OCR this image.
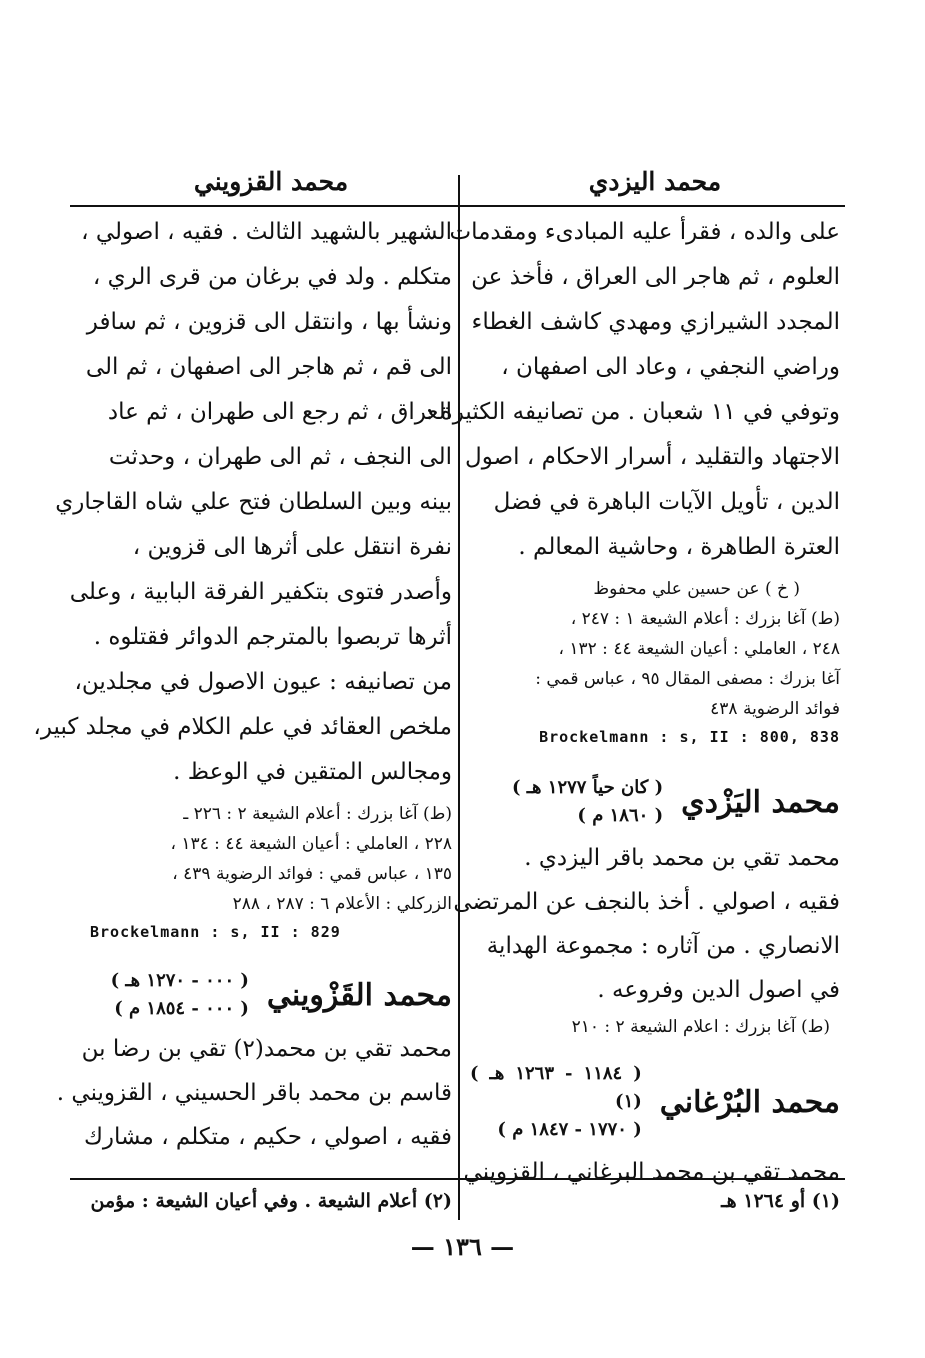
محمد اليزدي
على والده ، فقرأ عليه المبادىء ومقدمات
العلوم ، ثم هاجر الى العراق ، فأخذ عن
المجدد الشيرازي ومهدي كاشف الغطاء
وراضي النجفي ، وعاد الى اصفهان ،
وتوفي في ١١ شعبان . من تصانيفه الكثيرة :
الاجتهاد والتقليد ، أسرار الاحكام ، اصول
الدين ، تأويل الآيات الباهرة في فضل
العترة الطاهرة ، وحاشية المعالم .
( خ ) عن حسين علي محفوظ
(ط) آغا بزرك : أعلام الشيعة ١ : ٢٤٧ ،
٢٤٨ ، العاملي : أعيان الشيعة ٤٤ : ١٣٢ ،
آغا بزرك : مصفى المقال ٩٥ ، عباس قمي :
فوائد الرضوية ٤٣٨
Brockelmann : s, II : 800, 838
محمد اليَزْدي
( كان حياً ١٢٧٧ هـ )
( ١٨٦٠ م )
محمد تقي بن محمد باقر اليزدي .
فقيه ، اصولي . أخذ بالنجف عن المرتضى
الانصاري . من آثاره : مجموعة الهداية
في اصول الدين وفروعه .
(ط) آغا بزرك : اعلام الشيعة ٢ : ٢١٠
محمد البُرْغاني
( ١١٨٤ - ١٢٦٣ هـ )(١)
( ١٧٧٠ - ١٨٤٧ م )
محمد تقي بن محمد البرغاني ، القزويني
محمد القزويني
الشهير بالشهيد الثالث . فقيه ، اصولي ،
متكلم . ولد في برغان من قرى الري ،
ونشأ بها ، وانتقل الى قزوين ، ثم سافر
الى قم ، ثم هاجر الى اصفهان ، ثم الى
العراق ، ثم رجع الى طهران ، ثم عاد
الى النجف ، ثم الى طهران ، وحدثت
بينه وبين السلطان فتح علي شاه القاجاري
نفرة انتقل على أثرها الى قزوين ،
وأصدر فتوى بتكفير الفرقة البابية ، وعلى
أثرها تربصوا بالمترجم الدوائر فقتلوه .
من تصانيفه : عيون الاصول في مجلدين،
ملخص العقائد في علم الكلام في مجلد كبير،
ومجالس المتقين في الوعظ .
(ط) آغا بزرك : أعلام الشيعة ٢ : ٢٢٦ ـ
٢٢٨ ، العاملي : أعيان الشيعة ٤٤ : ١٣٤ ،
١٣٥ ، عباس قمي : فوائد الرضوية ٤٣٩ ،
الزركلي : الأعلام ٦ : ٢٨٧ ، ٢٨٨
Brockelmann : s, II : 829
محمد القَزْويني
( ٠٠٠ - ١٢٧٠ هـ )
( ٠٠٠ - ١٨٥٤ م )
محمد تقي بن محمد(٢) تقي بن رضا بن
قاسم بن محمد باقر الحسيني ، القزويني .
فقيه ، اصولي ، حكيم ، متكلم ، مشارك
(١) أو ١٢٦٤ هـ
(٢) أعلام الشيعة . وفي أعيان الشيعة : مؤمن
— ١٣٦ —
